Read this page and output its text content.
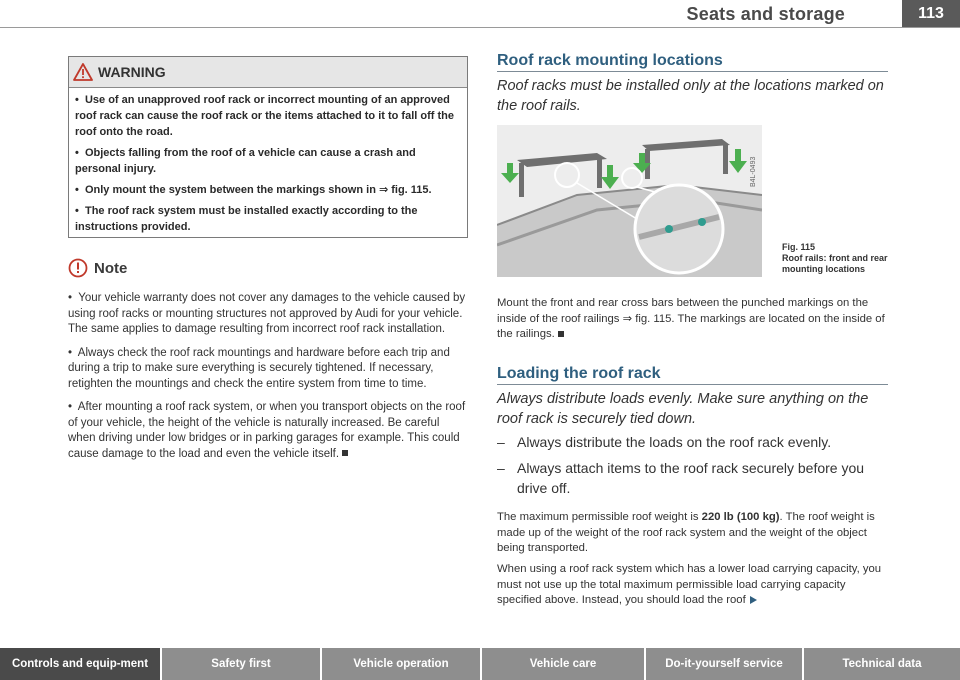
Seats and storage	113
WARNING

•  Use of an unapproved roof rack or incorrect mounting of an approved roof rack can cause the roof rack or the items attached to it to fall off the roof onto the road.

•  Objects falling from the roof of a vehicle can cause a crash and personal injury.

•  Only mount the system between the markings shown in ⇒ fig. 115.

•  The roof rack system must be installed exactly according to the instructions provided.

Note

•  Your vehicle warranty does not cover any damages to the vehicle caused by using roof racks or mounting structures not approved by Audi for your vehicle. The same applies to damage resulting from incorrect roof rack installation.

•  Always check the roof rack mountings and hardware before each trip and during a trip to make sure everything is securely tightened. If necessary, retighten the mountings and check the entire system from time to time.

•  After mounting a roof rack system, or when you transport objects on the roof of your vehicle, the height of the vehicle is naturally increased. Be careful when driving under low bridges or in parking garages for example. This could cause damage to the load and even the vehicle itself.

Roof rack mounting locations
Roof racks must be installed only at the locations marked on the roof rails.
B4L-0493
Fig. 115
Roof rails: front and rear mounting locations
Mount the front and rear cross bars between the punched markings on the inside of the roof railings ⇒ fig. 115. The markings are located on the inside of the railings.
Loading the roof rack
Always distribute loads evenly. Make sure anything on the roof rack is securely tied down.
– Always distribute the loads on the roof rack evenly.
– Always attach items to the roof rack securely before you drive off.
The maximum permissible roof weight is 220 lb (100 kg). The roof weight is made up of the weight of the roof rack system and the weight of the object being transported.
When using a roof rack system which has a lower load carrying capacity, you must not use up the total maximum permissible load carrying capacity specified above. Instead, you should load the roof
Controls and equip-ment	Safety first	Vehicle operation	Vehicle care	Do-it-yourself service	Technical data
